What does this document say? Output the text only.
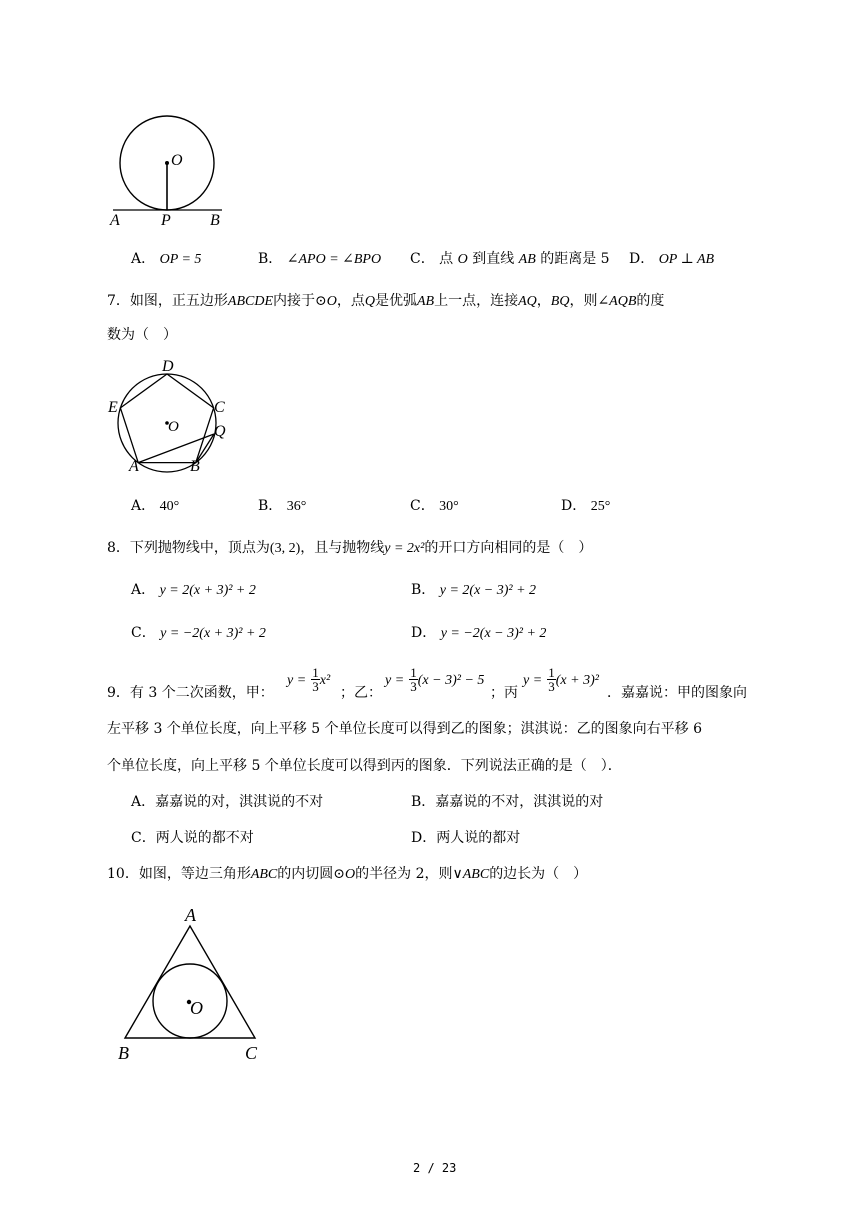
O
A	P B
A． OP = 5	B． ∠APO = ∠BPO C． 点 O 到直线 AB 的距离是 5 D． OP ⊥ AB
7．如图，正五边形ABCDE内接于⊙O，点Q是优弧AB上一点，连接AQ，BQ，则∠AQB的度
数为（　）
D
E	C
O Q
A	B
A． 40°	B． 36°	C． 30°	D． 25°
8．下列抛物线中，顶点为(3, 2)，且与抛物线y = 2x²的开口方向相同的是（　）
A． y = 2(x + 3)² + 2	B． y = 2(x − 3)² + 2
C． y = −2(x + 3)² + 2	D． y = −2(x − 3)² + 2
9．有 3 个二次函数，甲：
$y = \frac{1}{3} x^2$
；乙：
$y = \frac{1}{3} (x - 3)^2 - 5$
；丙
$y = \frac{1}{3} (x + 3)^2$
．嘉嘉说：甲的图象向
左平移 3 个单位长度，向上平移 5 个单位长度可以得到乙的图象；淇淇说：乙的图象向右平移 6
个单位长度，向上平移 5 个单位长度可以得到丙的图象．下列说法正确的是（　）．
A．嘉嘉说的对，淇淇说的不对	B．嘉嘉说的不对，淇淇说的对
C．两人说的都不对	D．两人说的都对
10．如图，等边三角形ABC的内切圆⊙O的半径为 2，则∨ABC的边长为（　）
A
O
B	C
2 / 23
